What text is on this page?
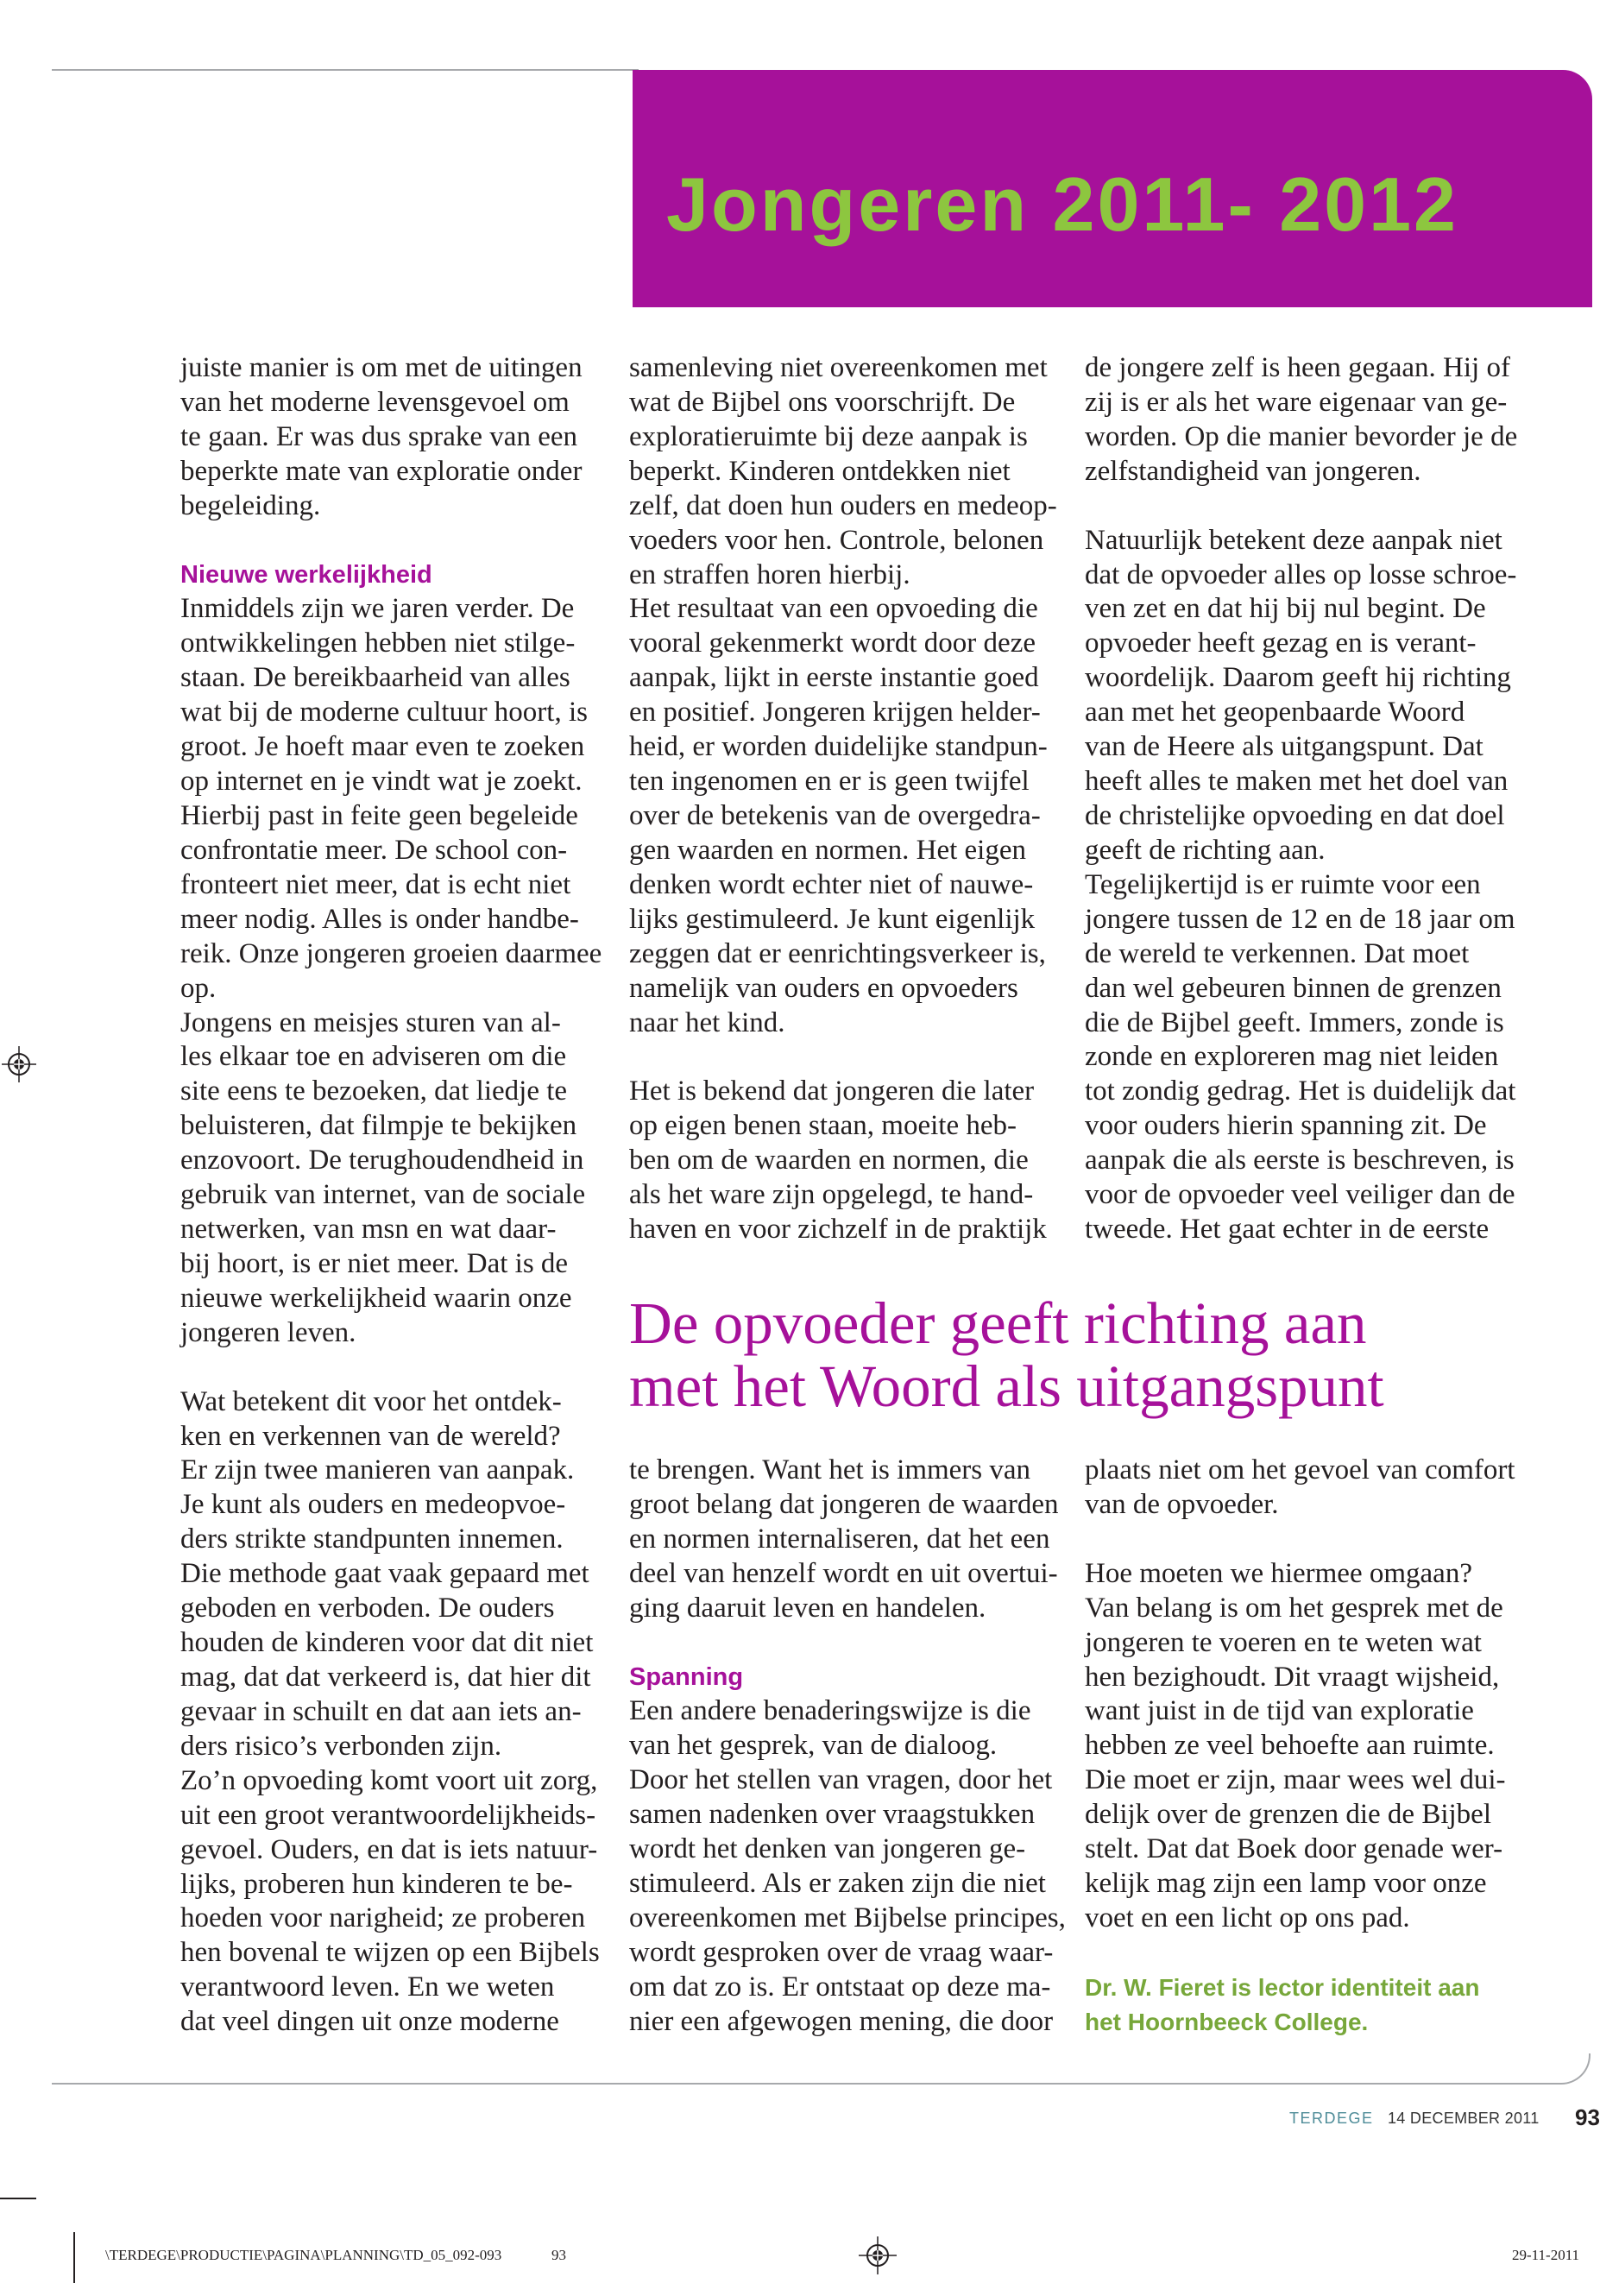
Jongeren 2011- 2012
juiste manier is om met de uitingen
van het moderne levensgevoel om
te gaan. Er was dus sprake van een
beperkte mate van exploratie onder
begeleiding.
Nieuwe werkelijkheid
Inmiddels zijn we jaren verder. De
ontwikkelingen hebben niet stilge-
staan. De bereikbaarheid van alles
wat bij de moderne cultuur hoort, is
groot. Je hoeft maar even te zoeken
op internet en je vindt wat je zoekt.
Hierbij past in feite geen begeleide
confrontatie meer. De school con-
fronteert niet meer, dat is echt niet
meer nodig. Alles is onder handbe-
reik. Onze jongeren groeien daarmee
op.
Jongens en meisjes sturen van al-
les elkaar toe en adviseren om die
site eens te bezoeken, dat liedje te
beluisteren, dat filmpje te bekijken
enzovoort. De terughoudendheid in
gebruik van internet, van de sociale
netwerken, van msn en wat daar-
bij hoort, is er niet meer. Dat is de
nieuwe werkelijkheid waarin onze
jongeren leven.
Wat betekent dit voor het ontdek-
ken en verkennen van de wereld?
Er zijn twee manieren van aanpak.
Je kunt als ouders en medeopvoe-
ders strikte standpunten innemen.
Die methode gaat vaak gepaard met
geboden en verboden. De ouders
houden de kinderen voor dat dit niet
mag, dat dat verkeerd is, dat hier dit
gevaar in schuilt en dat aan iets an-
ders risico’s verbonden zijn.
Zo’n opvoeding komt voort uit zorg,
uit een groot verantwoordelijkheids-
gevoel. Ouders, en dat is iets natuur-
lijks, proberen hun kinderen te be-
hoeden voor narigheid; ze proberen
hen bovenal te wijzen op een Bijbels
verantwoord leven. En we weten
dat veel dingen uit onze moderne
samenleving niet overeenkomen met
wat de Bijbel ons voorschrijft. De
exploratieruimte bij deze aanpak is
beperkt. Kinderen ontdekken niet
zelf, dat doen hun ouders en medeop-
voeders voor hen. Controle, belonen
en straffen horen hierbij.
Het resultaat van een opvoeding die
vooral gekenmerkt wordt door deze
aanpak, lijkt in eerste instantie goed
en positief. Jongeren krijgen helder-
heid, er worden duidelijke standpun-
ten ingenomen en er is geen twijfel
over de betekenis van de overgedra-
gen waarden en normen. Het eigen
denken wordt echter niet of nauwe-
lijks gestimuleerd. Je kunt eigenlijk
zeggen dat er eenrichtingsverkeer is,
namelijk van ouders en opvoeders
naar het kind.
Het is bekend dat jongeren die later
op eigen benen staan, moeite heb-
ben om de waarden en normen, die
als het ware zijn opgelegd, te hand-
haven en voor zichzelf in de praktijk
de jongere zelf is heen gegaan. Hij of
zij is er als het ware eigenaar van ge-
worden. Op die manier bevorder je de
zelfstandigheid van jongeren.
Natuurlijk betekent deze aanpak niet
dat de opvoeder alles op losse schroe-
ven zet en dat hij bij nul begint. De
opvoeder heeft gezag en is verant-
woordelijk. Daarom geeft hij richting
aan met het geopenbaarde Woord
van de Heere als uitgangspunt. Dat
heeft alles te maken met het doel van
de christelijke opvoeding en dat doel
geeft de richting aan.
Tegelijkertijd is er ruimte voor een
jongere tussen de 12 en de 18 jaar om
de wereld te verkennen. Dat moet
dan wel gebeuren binnen de grenzen
die de Bijbel geeft. Immers, zonde is
zonde en exploreren mag niet leiden
tot zondig gedrag. Het is duidelijk dat
voor ouders hierin spanning zit. De
aanpak die als eerste is beschreven, is
voor de opvoeder veel veiliger dan de
tweede. Het gaat echter in de eerste
De opvoeder geeft richting aan
met het Woord als uitgangspunt
te brengen. Want het is immers van
groot belang dat jongeren de waarden
en normen internaliseren, dat het een
deel van henzelf wordt en uit overtui-
ging daaruit leven en handelen.
Spanning
Een andere benaderingswijze is die
van het gesprek, van de dialoog.
Door het stellen van vragen, door het
samen nadenken over vraagstukken
wordt het denken van jongeren ge-
stimuleerd. Als er zaken zijn die niet
overeenkomen met Bijbelse principes,
wordt gesproken over de vraag waar-
om dat zo is. Er ontstaat op deze ma-
nier een afgewogen mening, die door
plaats niet om het gevoel van comfort
van de opvoeder.
Hoe moeten we hiermee omgaan?
Van belang is om het gesprek met de
jongeren te voeren en te weten wat
hen bezighoudt. Dit vraagt wijsheid,
want juist in de tijd van exploratie
hebben ze veel behoefte aan ruimte.
Die moet er zijn, maar wees wel dui-
delijk over de grenzen die de Bijbel
stelt. Dat dat Boek door genade wer-
kelijk mag zijn een lamp voor onze
voet en een licht op ons pad.
Dr. W. Fieret is lector identiteit aan
het Hoornbeeck College.
TERDEGE 14 DECEMBER 2011 93
\TERDEGE\PRODUCTIE\PAGINA\PLANNING\TD_05_092-093	93	29-11-2011
